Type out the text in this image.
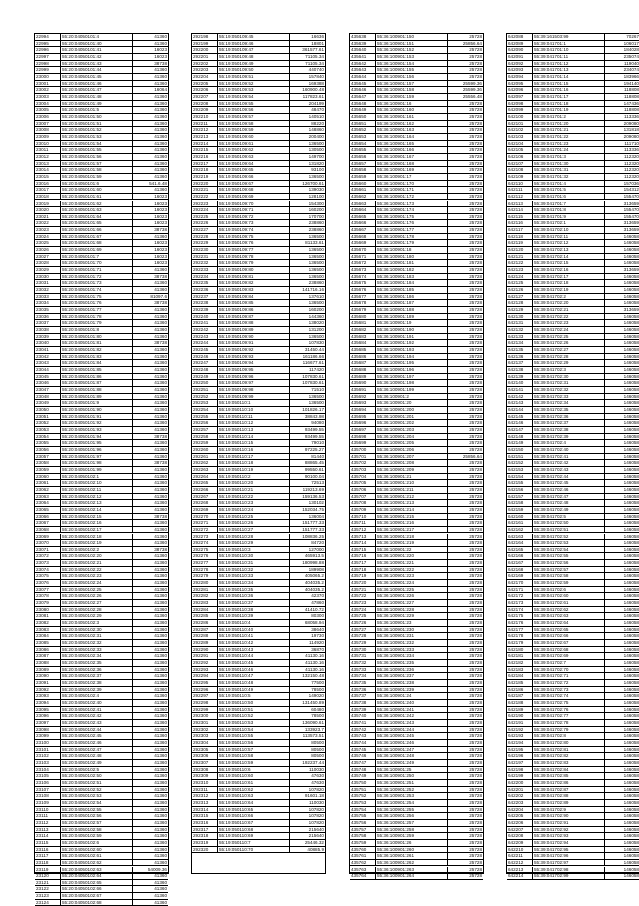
22994	55:20:04050101:4	41360
22995	55:20:04050101:40	41360
22996	55:20:04050101:41	16023
22997	55:20:04050101:42	16023
22998	55:20:04050101:43	38738
22999	55:20:04050101:44	41360
23000	55:20:04050101:45	41360
23001	55:20:04050101:46	41360
23002	55:20:04050101:47	16064
23003	55:20:04050101:48	41360
23004	55:20:04050101:49	41360
23005	55:20:04050101:5	41360
23006	55:20:04050101:50	41360
23007	55:20:04050101:51	41360
23008	55:20:04050101:52	41360
23009	55:20:04050101:53	41360
23010	55:20:04050101:54	41360
23011	55:20:04050101:55	41360
23012	55:20:04050101:56	41360
23013	55:20:04050101:57	41360
23014	55:20:04050101:58	41360
23015	55:20:04050101:59	41360
23016	55:20:04050101:6	541.6.48
23017	55:20:04050101:60	41360
23018	55:20:04050101:61	16023
23019	55:20:04050101:62	16023
23020	55:20:04050101:63	16023
23021	55:20:04050101:64	16023
23022	55:20:04050101:65	16023
23023	55:20:04050101:66	38738
23024	55:20:04050101:67	41360
23025	55:20:04050101:68	16023
23026	55:20:04050101:69	16023
23027	55:20:04050101:7	16023
23028	55:20:04050101:70	16023
23029	55:20:04050101:71	41360
23030	55:20:04050101:72	38738
23031	55:20:04050101:73	41360
23032	55:20:04050101:74	41360
23033	55:20:04050101:75	81097.6
23034	55:20:04050101:76	38738
23035	55:20:04050101:77	41360
23036	55:20:04050101:78	41360
23037	55:20:04050101:79	41360
23038	55:20:04050101:8	41360
23039	55:20:04050101:80	41360
23040	55:20:04050101:81	38738
23041	55:20:04050101:82	41360
23042	55:20:04050101:83	41360
23043	55:20:04050101:84	41360
23044	55:20:04050101:85	41360
23045	55:20:04050101:86	41360
23046	55:20:04050101:87	41360
23047	55:20:04050101:88	41360
23048	55:20:04050101:89	41360
23049	55:20:04050101:9	41360
23050	55:20:04050101:90	41360
23051	55:20:04050101:91	41360
23052	55:20:04050101:92	41360
23053	55:20:04050101:93	41360
23054	55:20:04050101:94	38738
23055	55:20:04050101:95	41360
23056	55:20:04050101:96	41360
23057	55:20:04050101:97	41360
23058	55:20:04050101:98	38738
23059	55:20:04050101:99	41360
23060	55:20:04050102:1	41360
23061	55:20:04050102:10	41360
23062	55:20:04050102:11	41360
23063	55:20:04050102:12	41360
23064	55:20:04050102:13	41360
23065	55:20:04050102:14	41360
23066	55:20:04050102:15	38738
23067	55:20:04050102:16	41360
23068	55:20:04050102:17	41360
23069	55:20:04050102:18	41360
23070	55:20:04050102:19	41360
23071	55:20:04050102:2	38738
23072	55:20:04050102:20	41360
23073	55:20:04050102:21	41360
23074	55:20:04050102:22	41360
23075	55:20:04050102:23	41360
23076	55:20:04050102:24	41360
23077	55:20:04050102:25	41360
23078	55:20:04050102:26	41360
23079	55:20:04050102:27	41360
23080	55:20:04050102:28	41360
23081	55:20:04050102:29	41360
23082	55:20:04050102:3	41360
23083	55:20:04050102:30	41360
23084	55:20:04050102:31	41360
23085	55:20:04050102:32	41360
23086	55:20:04050102:33	41360
23087	55:20:04050102:34	41360
23088	55:20:04050102:35	41360
23089	55:20:04050102:36	41360
23090	55:20:04050102:37	41360
23091	55:20:04050102:38	41360
23092	55:20:04050102:39	41360
23093	55:20:04050102:4	41360
23094	55:20:04050102:40	41360
23095	55:20:04050102:41	41360
23096	55:20:04050102:42	41360
23097	55:20:04050102:43	41360
23098	55:20:04050102:44	41360
23099	55:20:04050102:45	41360
23100	55:20:04050102:46	41360
23101	55:20:04050102:47	41360
23102	55:20:04050102:48	41360
23103	55:20:04050102:49	41360
23104	55:20:04050102:5	41360
23105	55:20:04050102:50	41360
23106	55:20:04050102:51	41360
23107	55:20:04050102:52	41360
23108	55:20:04050102:53	41360
23109	55:20:04050102:54	41360
23110	55:20:04050102:55	41360
23111	55:20:04050102:56	41360
23112	55:20:04050102:57	41360
23113	55:20:04050102:58	41360
23114	55:20:04050102:59	41360
23115	55:20:04050102:6	41360
23116	55:20:04050102:60	41360
23117	55:20:04050102:61	41360
23118	55:20:04050102:62	41360
23119	55:20:04050102:63	54009.36
23120	55:20:04050102:64	41360
23121	55:20:04050102:65	41360
23122	55:20:04050102:66	41360
23123	55:20:04050102:67	41360
23124	55:20:04050102:68	41360
292198	55:19:050109:45	16636
292199	55:19:050109:46	18801
292200	55:19:050109:47	361577.61
292201	55:19:050109:48	71105.34
292202	55:19:050109:49	71105.34
292203	55:19:050109:50	440740
292204	55:19:050109:51	157840
292205	55:19:050109:52	169388
292206	55:19:050109:53	160900.48
292207	55:19:050109:54	117823.61
292208	55:19:050109:55	204199
292209	55:19:050109:56	48470
292210	55:19:050109:57	140510
292211	55:19:050109:58	88220
292212	55:19:050109:59	148860
292213	55:19:050109:60	200400
292214	55:19:050109:61	136500
292215	55:19:050109:62	130500
292216	55:19:050109:63	149700
292217	55:19:050109:64	131820
292218	55:19:050109:65	93100
292219	55:19:050109:66	136500
292220	55:19:050109:67	126700.61
292221	55:19:050109:68	139030
292222	55:19:050109:69	128100
292223	55:19:050109:70	154300
292224	55:19:050109:71	160200
292225	55:19:050109:72	170700
292226	55:19:050109:73	238860
292227	55:19:050109:74	238860
292228	55:19:050109:75	136500
292229	55:19:050109:76	81133.61
292230	55:19:050109:77	136500
292231	55:19:050109:78	136500
292232	55:19:050109:79	136500
292233	55:19:050109:80	136500
292234	55:19:050109:81	136500
292235	55:19:050109:82	238860
292236	55:19:050109:83	141716.16
292237	55:19:050109:84	137610
292238	55:19:050109:85	136500
292239	55:19:050109:86	160200
292240	55:19:050109:87	144360
292241	55:19:050109:88	138020
292242	55:19:050109:89	131200
292243	55:19:050109:90	136500
292244	55:19:050109:91	107830
292245	55:19:050109:92	31450.44
292246	55:19:050109:93	161186.66
292247	55:19:050109:94	116677.61
292248	55:19:050109:95	117420
292249	55:19:050109:96	107830.61
292250	55:19:050109:97	107830.61
292251	55:19:050109:98	71510
292252	55:19:050109:99	136500
292253	55:19:050110:1	136500
292254	55:19:050110:10	101826.17
292255	55:19:050110:11	38843.98
292256	55:19:050110:12	94080
292257	55:19:050110:13	93499.55
292258	55:19:050110:14	93499.55
292259	55:19:050110:15	79010
292260	55:19:050110:16	97225.27
292261	55:19:050110:17	81440
292262	55:19:050110:18	88865.45
292263	55:19:050110:19	99550.61
292264	55:19:050110:2	90100.04
292265	55:19:050110:20	72513
292266	55:19:050110:21	119213.69
292267	55:19:050110:22	159136.53
292268	55:19:050110:23	130102
292269	55:19:050110:24	152034.75
292270	55:19:050110:25	136004
292271	55:19:050110:26	151777.33
292272	55:19:050110:27	151777.33
292273	55:19:050110:28	108836.25
292274	55:19:050110:29	84720
292275	55:19:050110:3	127000
292276	55:19:050110:30	465913.5
292277	55:19:050110:31	180998.88
292278	55:19:050110:32	189908
292279	55:19:050110:33	405065.2
292280	55:19:050110:34	404035.2
292281	55:19:050110:35	404035.2
292282	55:19:050110:36	42370
292283	55:19:050110:37	47860
292284	55:19:050110:38	41410.72
292285	55:19:050110:39	80300
292286	55:19:050110:4	68058.94
292287	55:19:050110:40	38640
292288	55:19:050110:41	19730
292289	55:19:050110:42	114920
292290	55:19:050110:43	36870
292291	55:19:050110:44	41130.16
292292	55:19:050110:45	41130.16
292293	55:19:050110:46	41130.16
292294	55:19:050110:47	132150.48
292295	55:19:050110:48	77500
292296	55:19:050110:49	78500
292297	55:19:050110:5	149020
292298	55:19:050110:50	131450.89
292299	55:19:050110:51	60480
292300	55:19:050110:52	78500
292301	55:19:050110:53	136090.61
292302	55:19:050110:54	133923.7
292303	55:19:050110:55	113573.51
292304	55:19:050110:56	80500
292305	55:19:050110:57	80500
292306	55:19:050110:58	80500
292307	55:19:050110:59	192237.44
292308	55:19:050110:6	110030
292309	55:19:050110:60	47630
292310	55:19:050110:61	47630
292311	55:19:050110:62	107820
292312	55:19:050110:63	91601.18
292313	55:19:050110:64	110030
292314	55:19:050110:65	107820
292315	55:19:050110:66	107820
292316	55:19:050110:67	107820
292317	55:19:050110:68	215640
292318	55:19:050110:69	215640
292319	55:19:050110:7	25446.32
292320	55:19:050110:70	40885.9
435638	55:36:100901:150	25728
435639	55:36:100901:151	25856.64
435640	55:36:100901:152	25728
435641	55:36:100901:153	25728
435642	55:36:100901:154	25728
435643	55:36:100901:155	25728
435644	55:36:100901:156	25728
435645	55:36:100901:157	25599.36
435646	55:36:100901:158	25599.36
435647	55:36:100901:159	25556.48
435648	55:36:100901:16	25728
435649	55:36:100901:160	25728
435650	55:36:100901:161	25728
435651	55:36:100901:162	25728
435652	55:36:100901:163	25728
435653	55:36:100901:164	25728
435654	55:36:100901:165	25728
435655	55:36:100901:166	25728
435656	55:36:100901:167	25728
435657	55:36:100901:168	25728
435658	55:36:100901:169	25728
435659	55:36:100901:17	25728
435660	55:36:100901:170	25728
435661	55:36:100901:171	25728
435662	55:36:100901:172	25728
435663	55:36:100901:173	25728
435664	55:36:100901:174	25728
435665	55:36:100901:175	25728
435666	55:36:100901:176	25728
435667	55:36:100901:177	25728
435668	55:36:100901:178	25728
435669	55:36:100901:179	25728
435670	55:36:100901:18	25728
435671	55:36:100901:180	25728
435672	55:36:100901:181	25728
435673	55:36:100901:182	25728
435674	55:36:100901:183	25728
435675	55:36:100901:184	25728
435676	55:36:100901:185	25728
435677	55:36:100901:186	25728
435678	55:36:100901:187	25728
435679	55:36:100901:188	25728
435680	55:36:100901:189	25728
435681	55:36:100901:19	25728
435682	55:36:100901:190	25728
435683	55:36:100901:191	25728
435684	55:36:100901:192	25728
435685	55:36:100901:193	25728
435686	55:36:100901:194	25728
435687	55:36:100901:195	25728
435688	55:36:100901:196	25728
435689	55:36:100901:197	25728
435690	55:36:100901:198	25728
435691	55:36:100901:199	25728
435692	55:36:100901:2	25728
435693	55:36:100901:20	25728
435694	55:36:100901:200	25728
435695	55:36:100901:201	25728
435696	55:36:100901:202	25728
435697	55:36:100901:203	25728
435698	55:36:100901:204	25728
435699	55:36:100901:205	25728
435700	55:36:100901:206	25728
435701	55:36:100901:207	25856.64
435702	55:36:100901:208	25728
435703	55:36:100901:209	25728
435704	55:36:100901:21	25728
435705	55:36:100901:210	25728
435706	55:36:100901:211	25728
435707	55:36:100901:212	25728
435708	55:36:100901:213	25728
435709	55:36:100901:214	25728
435710	55:36:100901:215	25728
435711	55:36:100901:216	25728
435712	55:36:100901:217	25728
435713	55:36:100901:218	25728
435714	55:36:100901:219	25728
435715	55:36:100901:22	25728
435716	55:36:100901:220	25728
435717	55:36:100901:221	25728
435718	55:36:100901:222	25728
435719	55:36:100901:223	25728
435720	55:36:100901:224	25728
435721	55:36:100901:225	25728
435722	55:36:100901:226	25728
435723	55:36:100901:227	25728
435724	55:36:100901:228	25728
435725	55:36:100901:229	25728
435726	55:36:100901:23	25728
435727	55:36:100901:230	25728
435728	55:36:100901:231	25728
435729	55:36:100901:232	25728
435730	55:36:100901:233	25728
435731	55:36:100901:234	25728
435732	55:36:100901:235	25728
435733	55:36:100901:236	25728
435734	55:36:100901:237	25728
435735	55:36:100901:238	25728
435736	55:36:100901:239	25728
435737	55:36:100901:24	25728
435738	55:36:100901:240	25728
435739	55:36:100901:241	25728
435740	55:36:100901:242	25728
435741	55:36:100901:243	25728
435742	55:36:100901:244	25728
435743	55:36:100901:245	25728
435744	55:36:100901:246	25728
435745	55:36:100901:247	25728
435746	55:36:100901:248	25728
435747	55:36:100901:249	25728
435748	55:36:100901:25	25728
435749	55:36:100901:250	25728
435750	55:36:100901:251	25728
435751	55:36:100901:252	25728
435752	55:36:100901:253	25728
435753	55:36:100901:254	25728
435754	55:36:100901:255	25728
435755	55:36:100901:256	25728
435756	55:36:100901:257	25728
435757	55:36:100901:258	25728
435758	55:36:100901:259	25728
435759	55:36:100901:26	25728
435760	55:36:100901:260	25728
435761	55:36:100901:261	25728
435762	55:36:100901:262	25728
435763	55:36:100901:263	25728
435764	55:36:100901:264	25728
642088	55:39:161503:99	70267
642089	55:39:041701:1	106017
642090	55:39:041701:10	184028
642091	55:39:041701:11	235074
642092	55:39:041701:12	119040
642093	55:39:041701:13	234074
642094	55:39:041701:14	183966
642095	55:39:041701:15	194140
642096	55:39:041701:16	118808
642097	55:39:041701:17	118808
642098	55:39:041701:18	147436
642099	55:39:041701:19	118808
642100	55:39:041701:2	113336
642101	55:39:041701:20	209080
642102	55:39:041701:21	131818
642103	55:39:041701:22	209080
642104	55:39:041701:23	111710
642105	55:39:041701:24	113336
642106	55:39:041701:3	112320
642107	55:39:041701:30	112320
642108	55:39:041701:31	112320
642109	55:39:041701:32	112320
642110	55:39:041701:4	157036
642111	55:39:041701:5	154312
642112	55:39:041701:6	155470
642113	55:39:041701:7	313659
642114	55:39:041701:8	155470
642115	55:39:041701:9	155470
642116	55:39:041702:1	313659
642117	55:39:041702:10	313659
642118	55:39:041702:11	146058
642119	55:39:041702:12	146058
642120	55:39:041702:13	146058
642121	55:39:041702:14	146058
642122	55:39:041702:15	146058
642123	55:39:041702:16	313659
642124	55:39:041702:17	146058
642125	55:39:041702:18	146058
642126	55:39:041702:19	146058
642127	55:39:041702:2	146058
642128	55:39:041702:20	146058
642129	55:39:041702:21	313659
642130	55:39:041702:22	146058
642131	55:39:041702:23	146058
642132	55:39:041702:24	146058
642133	55:39:041702:25	146058
642134	55:39:041702:26	146058
642135	55:39:041702:27	146058
642136	55:39:041702:28	146058
642137	55:39:041702:29	146058
642138	55:39:041702:3	146058
642139	55:39:041702:30	146058
642140	55:39:041702:31	146058
642141	55:39:041702:32	146058
642142	55:39:041702:33	146058
642143	55:39:041702:34	146058
642144	55:39:041702:35	146058
642145	55:39:041702:36	146058
642146	55:39:041702:37	146058
642147	55:39:041702:38	146058
642148	55:39:041702:39	146058
642149	55:39:041702:4	146058
642150	55:39:041702:40	146058
642151	55:39:041702:41	146058
642152	55:39:041702:42	146058
642153	55:39:041702:43	146058
642154	55:39:041702:44	146058
642155	55:39:041702:45	146058
642156	55:39:041702:46	146058
642157	55:39:041702:47	146058
642158	55:39:041702:48	146058
642159	55:39:041702:49	146058
642160	55:39:041702:5	146058
642161	55:39:041702:50	146058
642162	55:39:041702:51	146058
642163	55:39:041702:52	146058
642164	55:39:041702:53	146058
642165	55:39:041702:54	146058
642166	55:39:041702:55	146058
642167	55:39:041702:56	146058
642168	55:39:041702:57	146058
642169	55:39:041702:58	146058
642170	55:39:041702:59	146058
642171	55:39:041702:6	146058
642172	55:39:041702:60	146058
642173	55:39:041702:61	146058
642174	55:39:041702:62	146058
642175	55:39:041702:63	146058
642176	55:39:041702:64	146058
642177	55:39:041702:65	146058
642178	55:39:041702:66	146058
642179	55:39:041702:67	146058
642180	55:39:041702:68	146058
642181	55:39:041702:69	146058
642182	55:39:041702:7	146058
642183	55:39:041702:70	146058
642184	55:39:041702:71	146058
642185	55:39:041702:72	146058
642186	55:39:041702:73	146058
642187	55:39:041702:74	146058
642188	55:39:041702:75	146058
642189	55:39:041702:76	146058
642190	55:39:041702:77	146058
642191	55:39:041702:78	146058
642192	55:39:041702:79	146058
642193	55:39:041702:8	146058
642194	55:39:041702:80	146058
642195	55:39:041702:81	146058
642196	55:39:041702:82	146058
642197	55:39:041702:83	146058
642198	55:39:041702:84	146058
642199	55:39:041702:85	146058
642200	55:39:041702:86	146058
642201	55:39:041702:87	146058
642202	55:39:041702:88	146058
642203	55:39:041702:89	146058
642204	55:39:041702:9	146058
642205	55:39:041702:90	146058
642206	55:39:041702:91	146058
642207	55:39:041702:92	146058
642208	55:39:041702:93	146058
642209	55:39:041702:94	146058
642210	55:39:041702:95	146058
642211	55:39:041702:96	146058
642212	55:39:041702:97	146058
642213	55:39:041702:98	146058
642214	55:39:041702:99	146058
